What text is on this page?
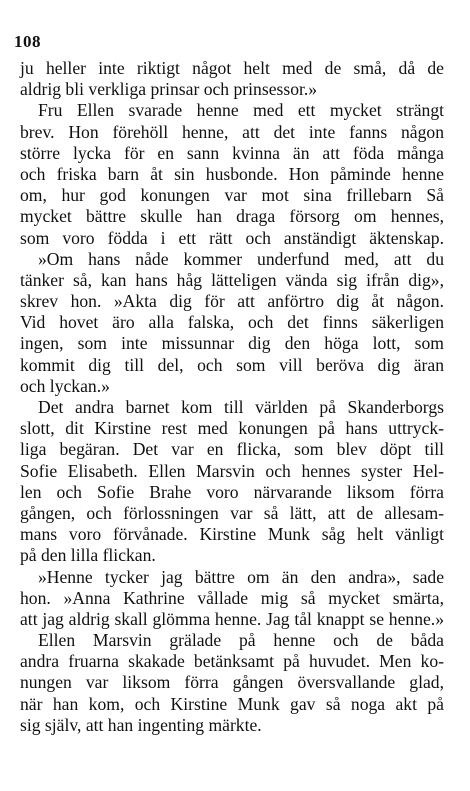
108
ju heller inte riktigt något helt med de små, då de
aldrig bli verkliga prinsar och prinsessor.»
Fru Ellen svarade henne med ett mycket strängt
brev. Hon förehöll henne, att det inte fanns någon
större lycka för en sann kvinna än att föda många
och friska barn åt sin husbonde. Hon påminde henne
om, hur god konungen var mot sina frillebarn Så
mycket bättre skulle han draga försorg om hennes,
som voro födda i ett rätt och anständigt äktenskap.
»Om hans nåde kommer underfund med, att du
tänker så, kan hans håg lätteligen vända sig ifrån dig»,
skrev hon. »Akta dig för att anförtro dig åt någon.
Vid hovet äro alla falska, och det finns säkerligen
ingen, som inte missunnar dig den höga lott, som
kommit dig till del, och som vill beröva dig äran
och lyckan.»
Det andra barnet kom till världen på Skanderborgs
slott, dit Kirstine rest med konungen på hans uttryck-
liga begäran. Det var en flicka, som blev döpt till
Sofie Elisabeth. Ellen Marsvin och hennes syster Hel-
len och Sofie Brahe voro närvarande liksom förra
gången, och förlossningen var så lätt, att de allesam-
mans voro förvånade. Kirstine Munk såg helt vänligt
på den lilla flickan.
»Henne tycker jag bättre om än den andra», sade
hon. »Anna Kathrine vållade mig så mycket smärta,
att jag aldrig skall glömma henne. Jag tål knappt se henne.»
Ellen Marsvin grälade på henne och de båda
andra fruarna skakade betänksamt på huvudet. Men ko-
nungen var liksom förra gången översvallande glad,
när han kom, och Kirstine Munk gav så noga akt på
sig själv, att han ingenting märkte.
